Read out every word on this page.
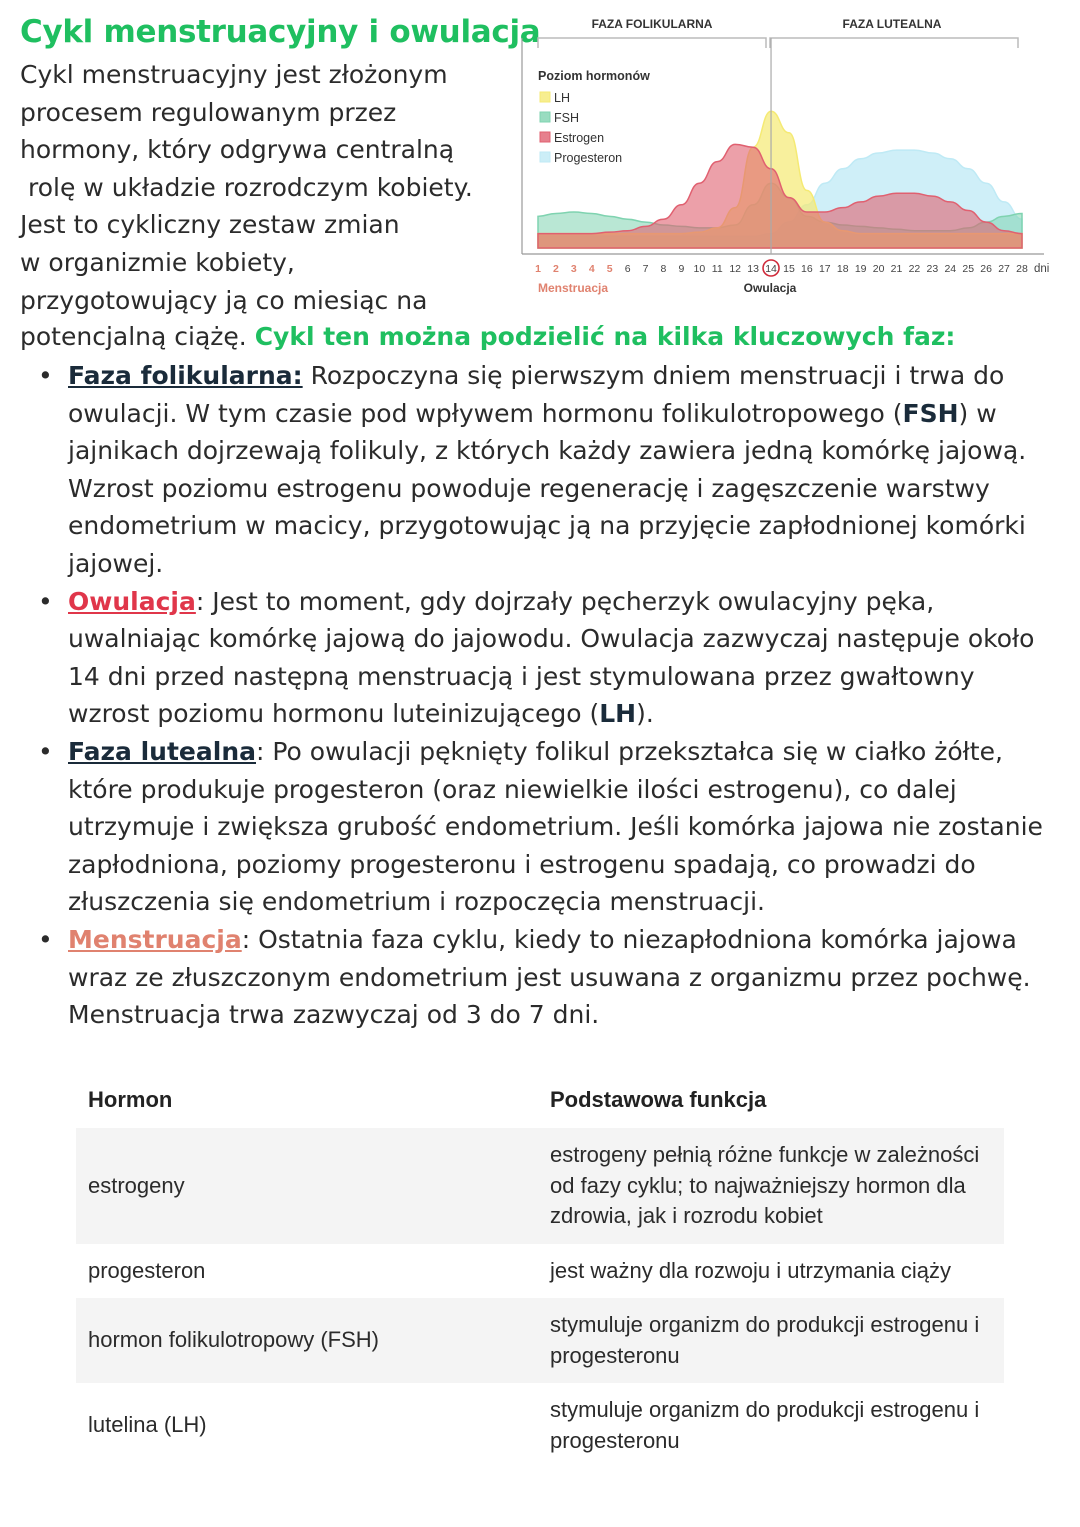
Cykl menstruacyjny i owulacja
Cykl menstruacyjny jest złożonym
procesem regulowanym przez
hormony, który odgrywa centralną
rolę w układzie rozrodczym kobiety.
Jest to cykliczny zestaw zmian
w organizmie kobiety,
przygotowujący ją co miesiąc na
potencjalną ciążę. Cykl ten można podzielić na kilka kluczowych faz:
FAZA FOLIKULARNA	FAZA LUTEALNA
Poziom hormonów
LH
FSH
Estrogen
Progesteron
1 2 3 4 5 6 7 8 9 10 11 12 13 14 15 16 17 18 19 20 21 22 23 24 25 26 27 28 dni
Menstruacja	Owulacja
• Faza folikularna: Rozpoczyna się pierwszym dniem menstruacji i trwa do owulacji. W tym czasie pod wpływem hormonu folikulotropowego (FSH) w jajnikach dojrzewają folikuly, z których każdy zawiera jedną komórkę jajową. Wzrost poziomu estrogenu powoduje regenerację i zagęszczenie warstwy endometrium w macicy, przygotowując ją na przyjęcie zapłodnionej komórki jajowej.
• Owulacja: Jest to moment, gdy dojrzały pęcherzyk owulacyjny pęka, uwalniając komórkę jajową do jajowodu. Owulacja zazwyczaj następuje około 14 dni przed następną menstruacją i jest stymulowana przez gwałtowny wzrost poziomu hormonu luteinizującego (LH).
• Faza lutealna: Po owulacji pęknięty folikul przekształca się w ciałko żółte, które produkuje progesteron (oraz niewielkie ilości estrogenu), co dalej utrzymuje i zwiększa grubość endometrium. Jeśli komórka jajowa nie zostanie zapłodniona, poziomy progesteronu i estrogenu spadają, co prowadzi do złuszczenia się endometrium i rozpoczęcia menstruacji.
• Menstruacja: Ostatnia faza cyklu, kiedy to niezapłodniona komórka jajowa wraz ze złuszczonym endometrium jest usuwana z organizmu przez pochwę. Menstruacja trwa zazwyczaj od 3 do 7 dni.
Hormon	Podstawowa funkcja
estrogeny	estrogeny pełnią różne funkcje w zależności od fazy cyklu; to najważniejszy hormon dla zdrowia, jak i rozrodu kobiet
progesteron	jest ważny dla rozwoju i utrzymania ciąży
hormon folikulotropowy (FSH)	stymuluje organizm do produkcji estrogenu i progesteronu
lutelina (LH)	stymuluje organizm do produkcji estrogenu i progesteronu
